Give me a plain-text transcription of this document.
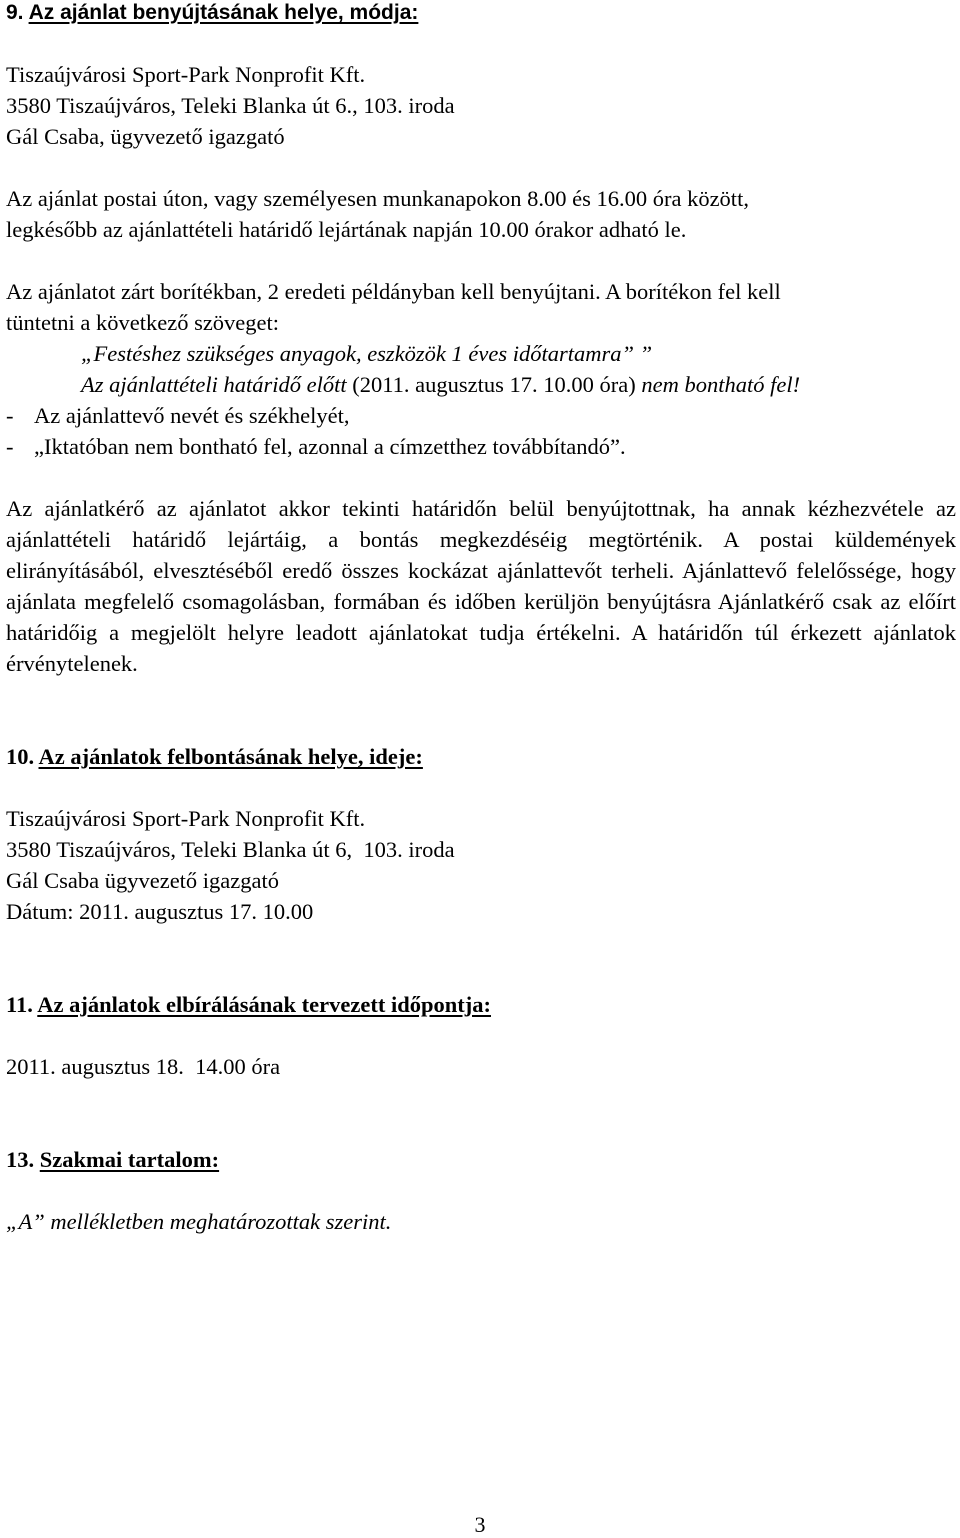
9. Az ajánlat benyújtásának helye, módja:
Tiszaújvárosi Sport-Park Nonprofit Kft.
3580 Tiszaújváros, Teleki Blanka út 6., 103. iroda
Gál Csaba, ügyvezető igazgató
Az ajánlat postai úton, vagy személyesen munkanapokon 8.00 és 16.00 óra között,
legkésőbb az ajánlattételi határidő lejártának napján 10.00 órakor adható le.
Az ajánlatot zárt borítékban, 2 eredeti példányban kell benyújtani. A borítékon fel kell
tüntetni a következő szöveget:
„Festéshez szükséges anyagok, eszközök 1 éves időtartamra” ”
Az ajánlattételi határidő előtt (2011. augusztus 17. 10.00 óra) nem bontható fel!
- Az ajánlattevő nevét és székhelyét,
- „Iktatóban nem bontható fel, azonnal a címzetthez továbbítandó”.
Az ajánlatkérő az ajánlatot akkor tekinti határidőn belül benyújtottnak, ha annak kézhezvétele az ajánlattételi határidő lejártáig, a bontás megkezdéséig megtörténik. A postai küldemények elirányításából, elvesztéséből eredő összes kockázat ajánlattevőt terheli. Ajánlattevő felelőssége, hogy ajánlata megfelelő csomagolásban, formában és időben kerüljön benyújtásra Ajánlatkérő csak az előírt határidőig a megjelölt helyre leadott ajánlatokat tudja értékelni. A határidőn túl érkezett ajánlatok érvénytelenek.
10. Az ajánlatok felbontásának helye, ideje:
Tiszaújvárosi Sport-Park Nonprofit Kft.
3580 Tiszaújváros, Teleki Blanka út 6,  103. iroda
Gál Csaba ügyvezető igazgató
Dátum: 2011. augusztus 17. 10.00
11. Az ajánlatok elbírálásának tervezett időpontja:
2011. augusztus 18.  14.00 óra
13. Szakmai tartalom:
„A” mellékletben meghatározottak szerint.
3
